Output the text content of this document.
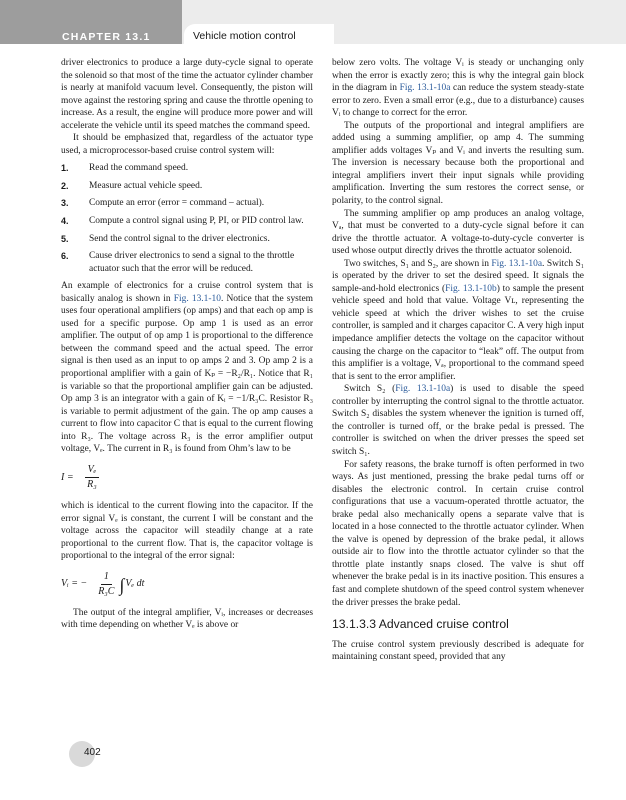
CHAPTER 13.1	Vehicle motion control

driver electronics to produce a large duty-cycle signal to operate the solenoid so that most of the time the actuator cylinder chamber is nearly at manifold vacuum level. Consequently, the piston will move against the restoring spring and cause the throttle opening to increase. As a result, the engine will produce more power and will accelerate the vehicle until its speed matches the command speed.

It should be emphasized that, regardless of the actuator type used, a microprocessor-based cruise control system will:

1. Read the command speed.
2. Measure actual vehicle speed.
3. Compute an error (error = command – actual).
4. Compute a control signal using P, PI, or PID control law.
5. Send the control signal to the driver electronics.
6. Cause driver electronics to send a signal to the throttle actuator such that the error will be reduced.

An example of electronics for a cruise control system that is basically analog is shown in Fig. 13.1-10. Notice that the system uses four operational amplifiers (op amps) and that each op amp is used for a specific purpose. Op amp 1 is used as an error amplifier. The output of op amp 1 is proportional to the difference between the command speed and the actual speed. The error signal is then used as an input to op amps 2 and 3. Op amp 2 is a proportional amplifier with a gain of Kₚ = −R₂/R₁. Notice that R₁ is variable so that the proportional amplifier gain can be adjusted. Op amp 3 is an integrator with a gain of Kᵢ = −1/R₃C. Resistor R₃ is variable to permit adjustment of the gain. The op amp causes a current to flow into capacitor C that is equal to the current flowing into R₃. The voltage across R₃ is the error amplifier output voltage, Vₑ. The current in R₃ is found from Ohm’s law to be

$I = \frac{\text{Vₑ}}{\text{R₃}}$

which is identical to the current flowing into the capacitor. If the error signal Vₑ is constant, the current I will be constant and the voltage across the capacitor will steadily change at a rate proportional to the current flow. That is, the capacitor voltage is proportional to the integral of the error signal:

Vᵢ = − $\frac{1}{\text{R₃C}}$ ∫ Vₑ dt

The output of the integral amplifier, Vᵢ, increases or decreases with time depending on whether Vₑ is above or

below zero volts. The voltage Vᵢ is steady or unchanging only when the error is exactly zero; this is why the integral gain block in the diagram in Fig. 13.1-10a can reduce the system steady-state error to zero. Even a small error (e.g., due to a disturbance) causes Vᵢ to change to correct for the error.

The outputs of the proportional and integral amplifiers are added using a summing amplifier, op amp 4. The summing amplifier adds voltages Vₚ and Vᵢ and inverts the resulting sum. The inversion is necessary because both the proportional and integral amplifiers invert their input signals while providing amplification. Inverting the sum restores the correct sense, or polarity, to the control signal.

The summing amplifier op amp produces an analog voltage, Vₐ, that must be converted to a duty-cycle signal before it can drive the throttle actuator. A voltage-to-duty-cycle converter is used whose output directly drives the throttle actuator solenoid.

Two switches, S₁ and S₂, are shown in Fig. 13.1-10a. Switch S₁ is operated by the driver to set the desired speed. It signals the sample-and-hold electronics (Fig. 13.1-10b) to sample the present vehicle speed and hold that value. Voltage Vʟ, representing the vehicle speed at which the driver wishes to set the cruise controller, is sampled and it charges capacitor C. A very high input impedance amplifier detects the voltage on the capacitor without causing the charge on the capacitor to “leak” off. The output from this amplifier is a voltage, Vₐ, proportional to the command speed that is sent to the error amplifier.

Switch S₂ (Fig. 13.1-10a) is used to disable the speed controller by interrupting the control signal to the throttle actuator. Switch S₂ disables the system whenever the ignition is turned off, the controller is turned off, or the brake pedal is pressed. The controller is switched on when the driver presses the speed set switch S₁.

For safety reasons, the brake turnoff is often performed in two ways. As just mentioned, pressing the brake pedal turns off or disables the electronic control. In certain cruise control configurations that use a vacuum-operated throttle actuator, the brake pedal also mechanically opens a separate valve that is located in a hose connected to the throttle actuator cylinder. When the valve is opened by depression of the brake pedal, it allows outside air to flow into the throttle actuator cylinder so that the throttle plate instantly snaps closed. The valve is shut off whenever the brake pedal is in its inactive position. This ensures a fast and complete shutdown of the speed control system whenever the driver presses the brake pedal.

13.1.3.3 Advanced cruise control

The cruise control system previously described is adequate for maintaining constant speed, provided that any

402
